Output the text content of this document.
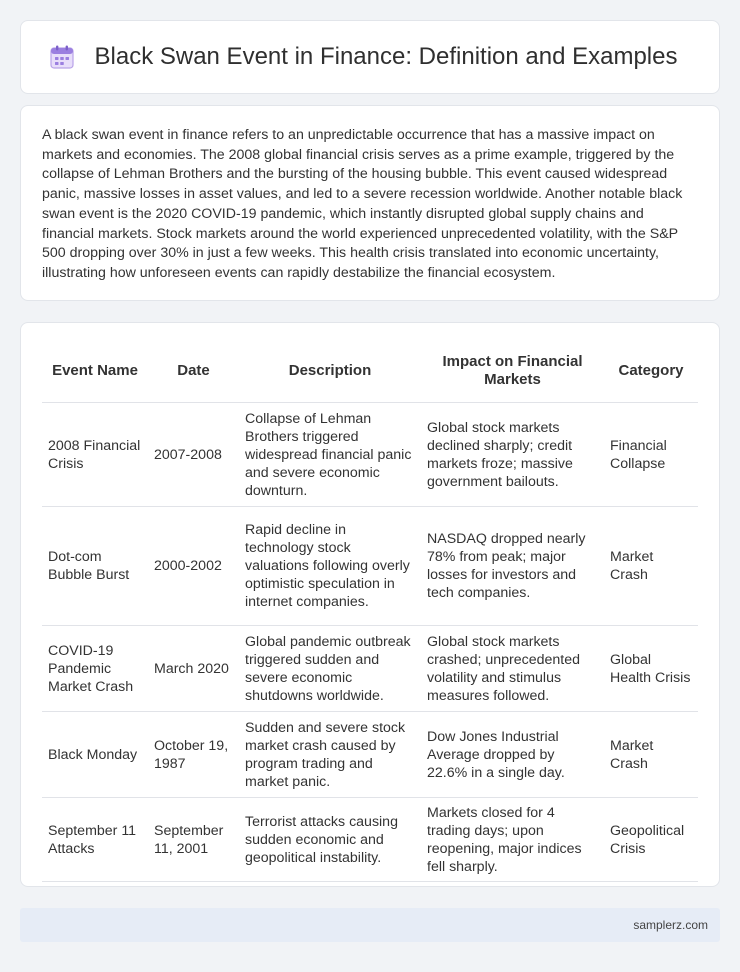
Black Swan Event in Finance: Definition and Examples

A black swan event in finance refers to an unpredictable occurrence that has a massive impact on markets and economies. The 2008 global financial crisis serves as a prime example, triggered by the collapse of Lehman Brothers and the bursting of the housing bubble. This event caused widespread panic, massive losses in asset values, and led to a severe recession worldwide. Another notable black swan event is the 2020 COVID-19 pandemic, which instantly disrupted global supply chains and financial markets. Stock markets around the world experienced unprecedented volatility, with the S&P 500 dropping over 30% in just a few weeks. This health crisis translated into economic uncertainty, illustrating how unforeseen events can rapidly destabilize the financial ecosystem.

Event Name	Date	Description	Impact on Financial Markets	Category
2008 Financial Crisis	2007-2008	Collapse of Lehman Brothers triggered widespread financial panic and severe economic downturn.	Global stock markets declined sharply; credit markets froze; massive government bailouts.	Financial Collapse
Dot-com Bubble Burst	2000-2002	Rapid decline in technology stock valuations following overly optimistic speculation in internet companies.	NASDAQ dropped nearly 78% from peak; major losses for investors and tech companies.	Market Crash
COVID-19 Pandemic Market Crash	March 2020	Global pandemic outbreak triggered sudden and severe economic shutdowns worldwide.	Global stock markets crashed; unprecedented volatility and stimulus measures followed.	Global Health Crisis
Black Monday	October 19, 1987	Sudden and severe stock market crash caused by program trading and market panic.	Dow Jones Industrial Average dropped by 22.6% in a single day.	Market Crash
September 11 Attacks	September 11, 2001	Terrorist attacks causing sudden economic and geopolitical instability.	Markets closed for 4 trading days; upon reopening, major indices fell sharply.	Geopolitical Crisis
samplerz.com
